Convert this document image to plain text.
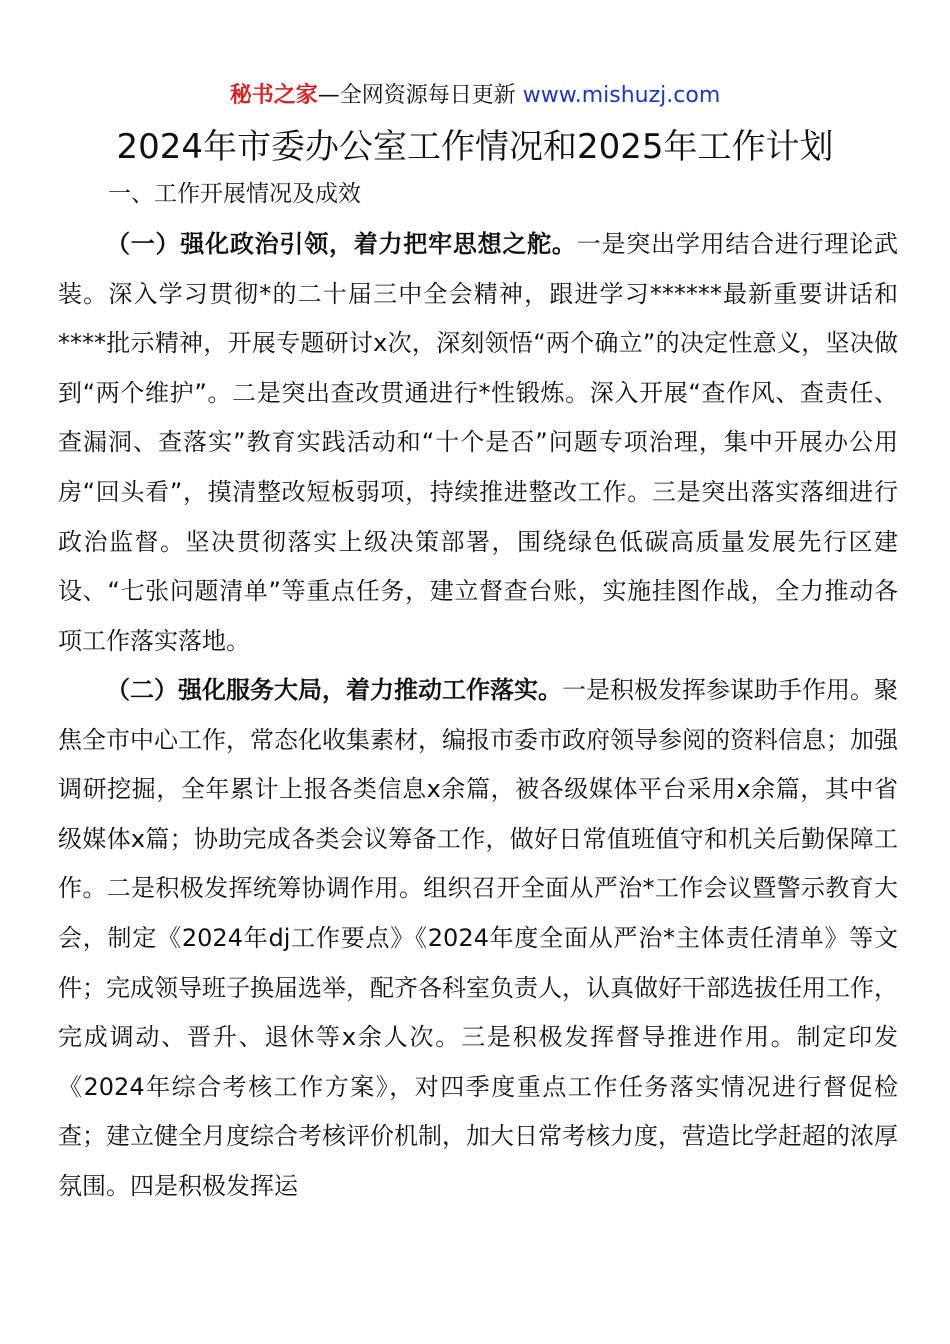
秘书之家—全网资源每日更新 www.mishuzj.com
2024年市委办公室工作情况和2025年工作计划
一、工作开展情况及成效

（一）强化政治引领，着力把牢思想之舵。一是突出学用结合进行理论武装。深入学习贯彻*的二十届三中全会精神，跟进学习******最新重要讲话和****批示精神，开展专题研讨x次，深刻领悟“两个确立”的决定性意义，坚决做到“两个维护”。二是突出查改贯通进行*性锻炼。深入开展“查作风、查责任、查漏洞、查落实”教育实践活动和“十个是否”问题专项治理，集中开展办公用房“回头看”，摸清整改短板弱项，持续推进整改工作。三是突出落实落细进行政治监督。坚决贯彻落实上级决策部署，围绕绿色低碳高质量发展先行区建设、“七张问题清单”等重点任务，建立督查台账，实施挂图作战，全力推动各项工作落实落地。

（二）强化服务大局，着力推动工作落实。一是积极发挥参谋助手作用。聚焦全市中心工作，常态化收集素材，编报市委市政府领导参阅的资料信息；加强调研挖掘，全年累计上报各类信息x余篇，被各级媒体平台采用x余篇，其中省级媒体x篇；协助完成各类会议筹备工作，做好日常值班值守和机关后勤保障工作。二是积极发挥统筹协调作用。组织召开全面从严治*工作会议暨警示教育大会，制定《2024年dj工作要点》《2024年度全面从严治*主体责任清单》等文件；完成领导班子换届选举，配齐各科室负责人，认真做好干部选拔任用工作，完成调动、晋升、退休等x余人次。三是积极发挥督导推进作用。制定印发《2024年综合考核工作方案》，对四季度重点工作任务落实情况进行督促检查；建立健全月度综合考核评价机制，加大日常考核力度，营造比学赶超的浓厚氛围。四是积极发挥运
